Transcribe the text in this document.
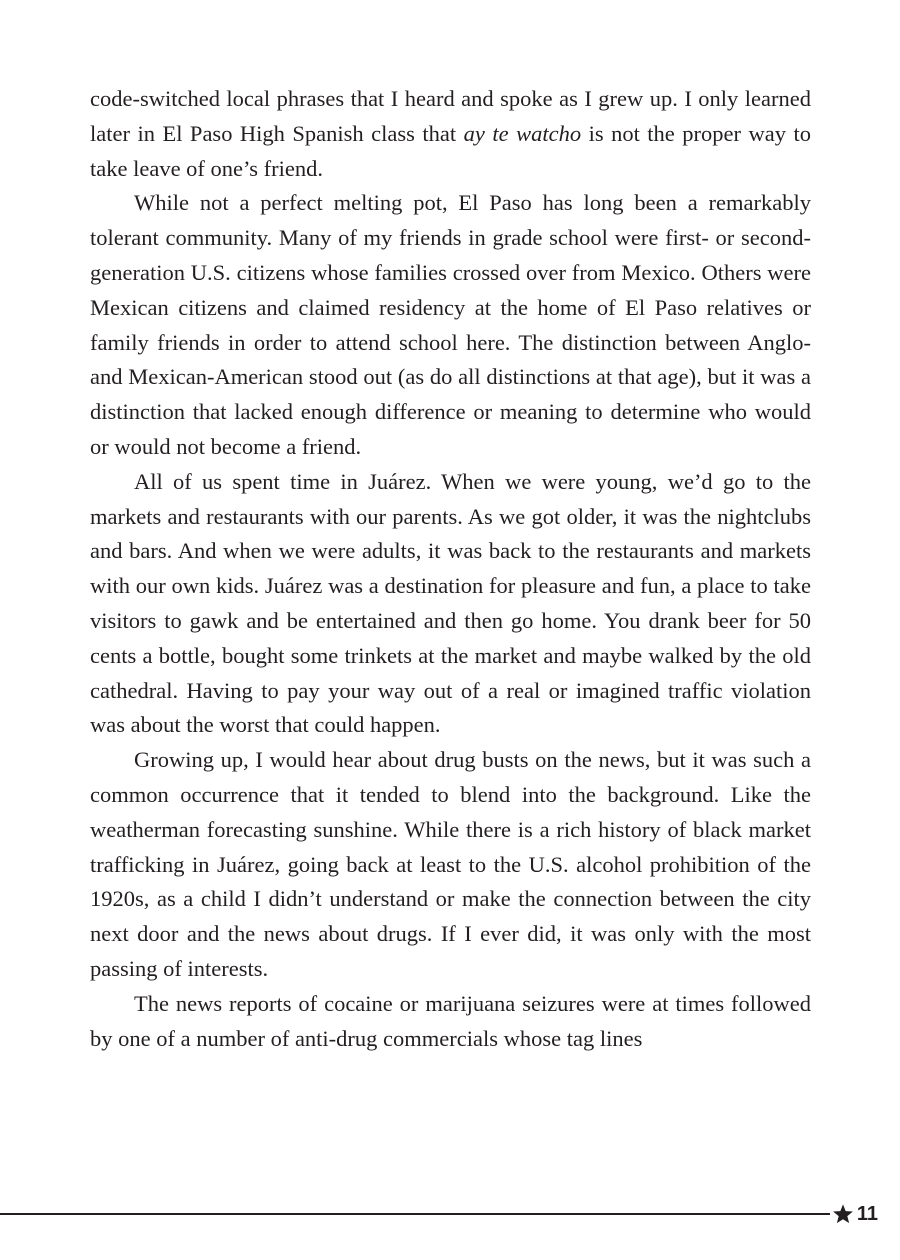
code-switched local phrases that I heard and spoke as I grew up. I only learned later in El Paso High Spanish class that ay te watcho is not the proper way to take leave of one’s friend.

While not a perfect melting pot, El Paso has long been a remarkably tolerant community. Many of my friends in grade school were first- or second-generation U.S. citizens whose families crossed over from Mexico. Others were Mexican citizens and claimed residency at the home of El Paso relatives or family friends in order to attend school here. The distinction between Anglo- and Mexican-American stood out (as do all distinctions at that age), but it was a distinction that lacked enough difference or meaning to determine who would or would not become a friend.

All of us spent time in Juárez. When we were young, we’d go to the markets and restaurants with our parents. As we got older, it was the nightclubs and bars. And when we were adults, it was back to the restaurants and markets with our own kids. Juárez was a destination for pleasure and fun, a place to take visitors to gawk and be entertained and then go home. You drank beer for 50 cents a bottle, bought some trinkets at the market and maybe walked by the old cathedral. Having to pay your way out of a real or imagined traffic violation was about the worst that could happen.

Growing up, I would hear about drug busts on the news, but it was such a common occurrence that it tended to blend into the background. Like the weatherman forecasting sunshine. While there is a rich history of black market trafficking in Juárez, going back at least to the U.S. alcohol prohibition of the 1920s, as a child I didn’t understand or make the connection between the city next door and the news about drugs. If I ever did, it was only with the most passing of interests.

The news reports of cocaine or marijuana seizures were at times followed by one of a number of anti-drug commercials whose tag lines

11
